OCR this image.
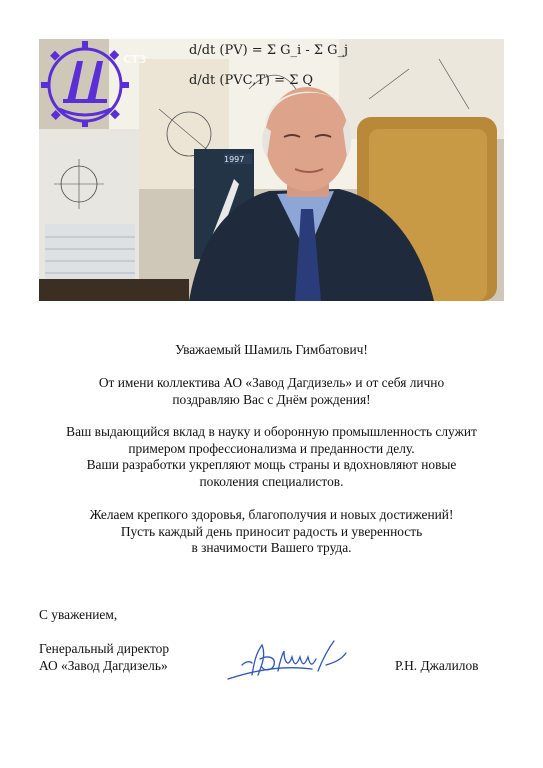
d/dt (PV) = Σ G_i - Σ G_j
d/dt (PVC,T) = Σ Q
1997
СТЗ

Уважаемый Шамиль Гимбатович!

От имени коллектива АО «Завод Дагдизель» и от себя лично

поздравляю Вас с Днём рождения!

Ваш выдающийся вклад в науку и оборонную промышленность служит

примером профессионализма и преданности делу.

Ваши разработки укрепляют мощь страны и вдохновляют новые

поколения специалистов.

Желаем крепкого здоровья, благополучия и новых достижений!

Пусть каждый день приносит радость и уверенность

в значимости Вашего труда.

С уважением,
Генеральный директор
АО «Завод Дагдизель»	Р.Н. Джалилов
